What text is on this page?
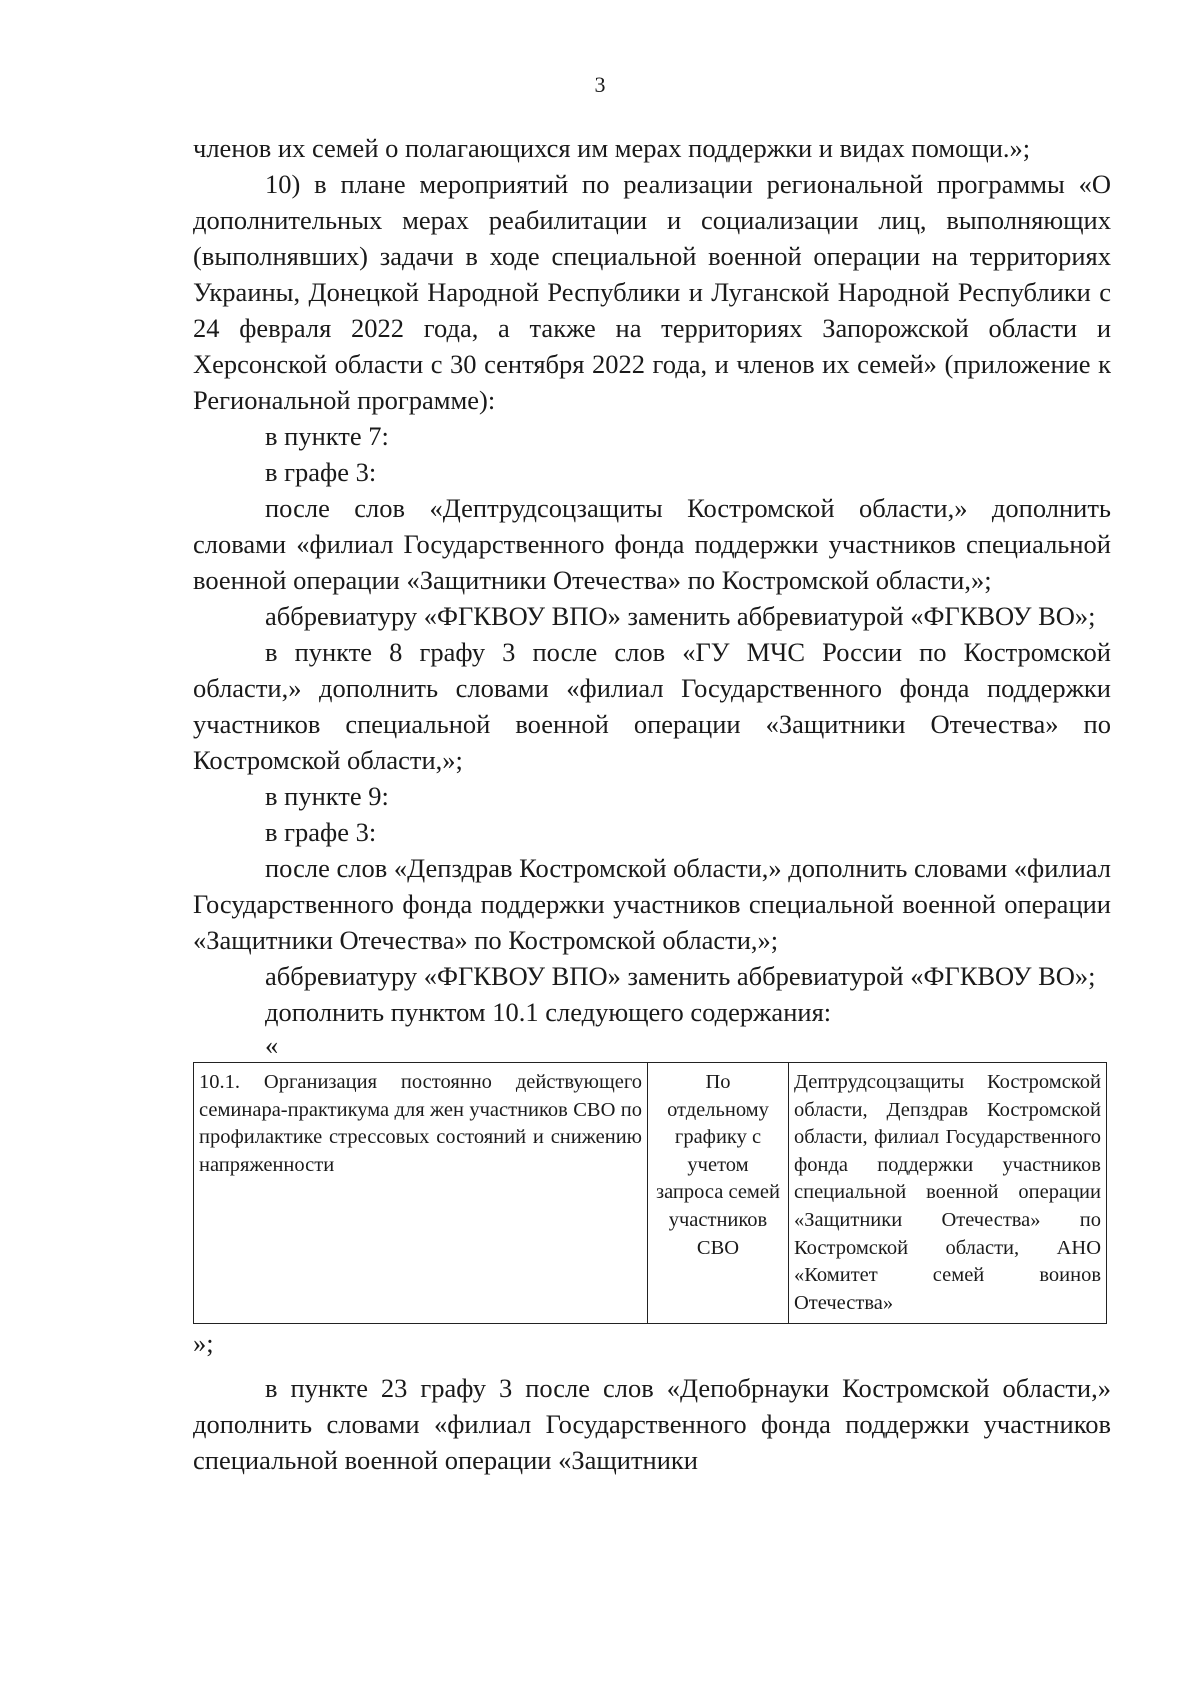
3

членов их семей о полагающихся им мерах поддержки и видах помощи.»;

10) в плане мероприятий по реализации региональной программы «О дополнительных мерах реабилитации и социализации лиц, выполняющих (выполнявших) задачи в ходе специальной военной операции на территориях Украины, Донецкой Народной Республики и Луганской Народной Республики с 24 февраля 2022 года, а также на территориях Запорожской области и Херсонской области с 30 сентября 2022 года, и членов их семей» (приложение к Региональной программе):

в пункте 7:

в графе 3:

после слов «Дептрудсоцзащиты Костромской области,» дополнить словами «филиал Государственного фонда поддержки участников специальной военной операции «Защитники Отечества» по Костромской области,»;

аббревиатуру «ФГКВОУ ВПО» заменить аббревиатурой «ФГКВОУ ВО»;

в пункте 8 графу 3 после слов «ГУ МЧС России по Костромской области,» дополнить словами «филиал Государственного фонда поддержки участников специальной военной операции «Защитники Отечества» по Костромской области,»;

в пункте 9:

в графе 3:

после слов «Депздрав Костромской области,» дополнить словами «филиал Государственного фонда поддержки участников специальной военной операции «Защитники Отечества» по Костромской области,»;

аббревиатуру «ФГКВОУ ВПО» заменить аббревиатурой «ФГКВОУ ВО»;

дополнить пунктом 10.1 следующего содержания:

«

10.1. Организация постоянно действующего семинара-практикума для жен участников СВО по профилактике стрессовых состояний и снижению напряженности	По отдельному графику с учетом запроса семей участников СВО	Дептрудсоцзащиты Костромской области, Депздрав Костромской области, филиал Государственного фонда поддержки участников специальной военной операции «Защитники Отечества» по Костромской области, АНО «Комитет семей воинов Отечества»

»;

в пункте 23 графу 3 после слов «Депобрнауки Костромской области,» дополнить словами «филиал Государственного фонда поддержки участников специальной военной операции «Защитники
